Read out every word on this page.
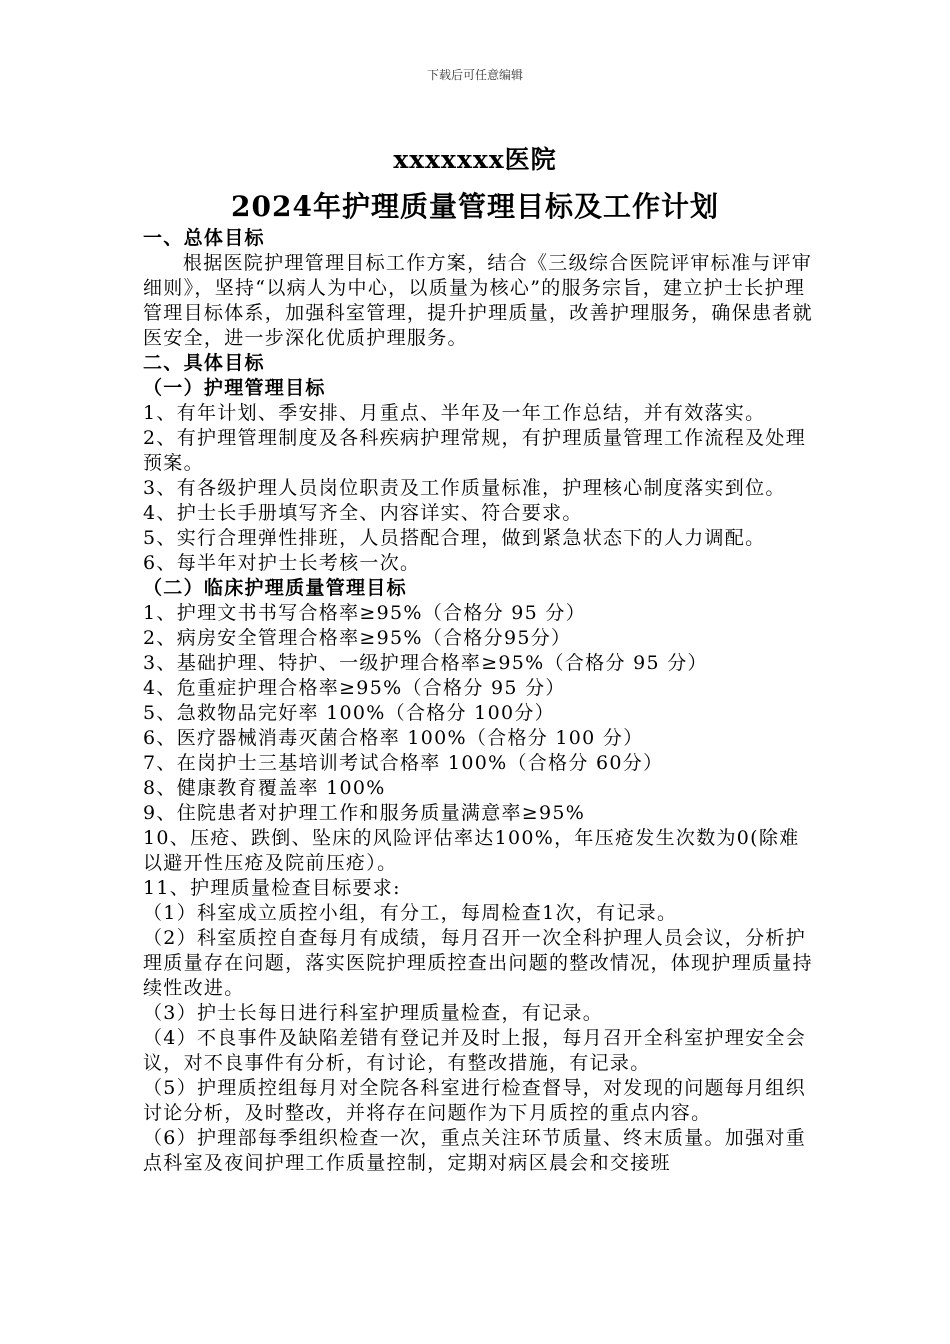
下载后可任意编辑
xxxxxxx医院
2024年护理质量管理目标及工作计划

一、总体目标

根据医院护理管理目标工作方案，结合《三级综合医院评审标准与评审细则》，坚持“以病人为中心，以质量为核心”的服务宗旨，建立护士长护理管理目标体系，加强科室管理，提升护理质量，改善护理服务，确保患者就医安全，进一步深化优质护理服务。

二、具体目标

（一）护理管理目标

1、有年计划、季安排、月重点、半年及一年工作总结，并有效落实。

2、有护理管理制度及各科疾病护理常规，有护理质量管理工作流程及处理预案。

3、有各级护理人员岗位职责及工作质量标准，护理核心制度落实到位。

4、护士长手册填写齐全、内容详实、符合要求。

5、实行合理弹性排班，人员搭配合理，做到紧急状态下的人力调配。

6、每半年对护士长考核一次。

（二）临床护理质量管理目标

1、护理文书书写合格率≥95%（合格分 95 分）

2、病房安全管理合格率≥95%（合格分95分）

3、基础护理、特护、一级护理合格率≥95%（合格分 95 分）

4、危重症护理合格率≥95%（合格分 95 分）

5、急救物品完好率 100%（合格分 100分）

6、医疗器械消毒灭菌合格率 100%（合格分 100 分）

7、在岗护士三基培训考试合格率 100%（合格分 60分）

8、健康教育覆盖率 100%

9、住院患者对护理工作和服务质量满意率≥95%

10、压疮、跌倒、坠床的风险评估率达100%，年压疮发生次数为0(除难以避开性压疮及院前压疮）。

11、护理质量检查目标要求:

（1）科室成立质控小组，有分工，每周检查1次，有记录。

（2）科室质控自查每月有成绩，每月召开一次全科护理人员会议，分析护理质量存在问题，落实医院护理质控查出问题的整改情况，体现护理质量持续性改进。

（3）护士长每日进行科室护理质量检查，有记录。

（4）不良事件及缺陷差错有登记并及时上报，每月召开全科室护理安全会议，对不良事件有分析，有讨论，有整改措施，有记录。

（5）护理质控组每月对全院各科室进行检查督导，对发现的问题每月组织讨论分析，及时整改，并将存在问题作为下月质控的重点内容。

（6）护理部每季组织检查一次，重点关注环节质量、终末质量。加强对重点科室及夜间护理工作质量控制，定期对病区晨会和交接班
